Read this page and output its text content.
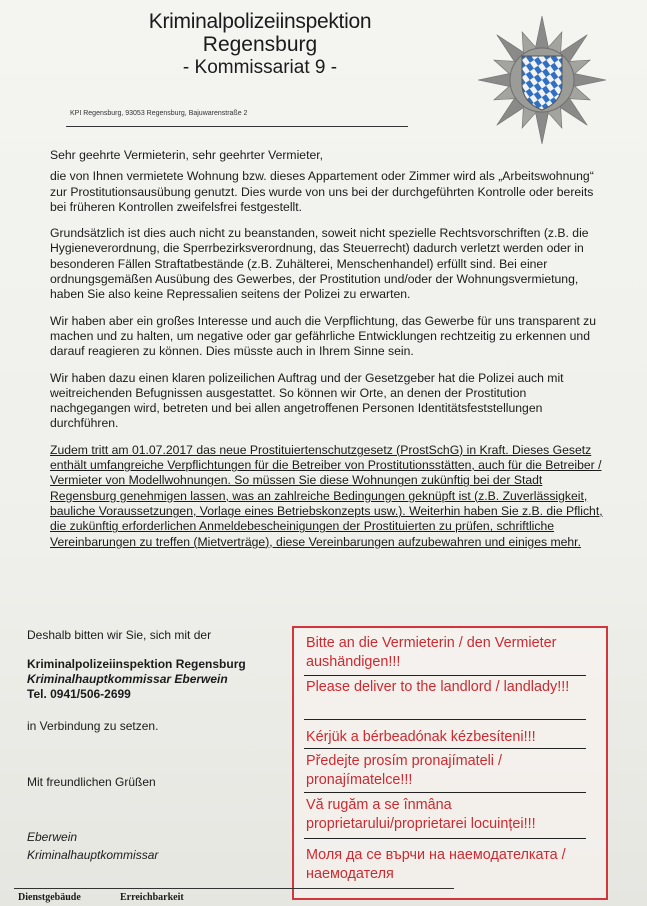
Kriminalpolizeiinspektion
Regensburg
- Kommissariat 9 -
KPI Regensburg, 93053 Regensburg, Bajuwarenstraße 2

Sehr geehrte Vermieterin, sehr geehrter Vermieter,

die von Ihnen vermietete Wohnung bzw. dieses Appartement oder Zimmer wird als „Arbeitswohnung“ zur Prostitutionsausübung genutzt. Dies wurde von uns bei der durchgeführten Kontrolle oder bereits bei früheren Kontrollen zweifelsfrei festgestellt.

Grundsätzlich ist dies auch nicht zu beanstanden, soweit nicht spezielle Rechtsvorschriften (z.B. die Hygieneverordnung, die Sperrbezirksverordnung, das Steuerrecht) dadurch verletzt werden oder in besonderen Fällen Straftatbestände (z.B. Zuhälterei, Menschenhandel) erfüllt sind. Bei einer ordnungsgemäßen Ausübung des Gewerbes, der Prostitution und/oder der Wohnungsvermietung, haben Sie also keine Repressalien seitens der Polizei zu erwarten.

Wir haben aber ein großes Interesse und auch die Verpflichtung, das Gewerbe für uns transparent zu machen und zu halten, um negative oder gar gefährliche Entwicklungen rechtzeitig zu erkennen und darauf reagieren zu können. Dies müsste auch in Ihrem Sinne sein.

Wir haben dazu einen klaren polizeilichen Auftrag und der Gesetzgeber hat die Polizei auch mit weitreichenden Befugnissen ausgestattet. So können wir Orte, an denen der Prostitution nachgegangen wird, betreten und bei allen angetroffenen Personen Identitätsfeststellungen durchführen.

Zudem tritt am 01.07.2017 das neue Prostituiertenschutzgesetz (ProstSchG) in Kraft. Dieses Gesetz enthält umfangreiche Verpflichtungen für die Betreiber von Prostitutionsstätten, auch für die Betreiber / Vermieter von Modellwohnungen. So müssen Sie diese Wohnungen zukünftig bei der Stadt Regensburg genehmigen lassen, was an zahlreiche Bedingungen geknüpft ist (z.B. Zuverlässigkeit, bauliche Voraussetzungen, Vorlage eines Betriebskonzepts usw.). Weiterhin haben Sie z.B. die Pflicht, die zukünftig erforderlichen Anmeldebescheinigungen der Prostituierten zu prüfen, schriftliche Vereinbarungen zu treffen (Mietverträge), diese Vereinbarungen aufzubewahren und einiges mehr.

Deshalb bitten wir Sie, sich mit der
Kriminalpolizeiinspektion Regensburg
Kriminalhauptkommissar Eberwein
Tel. 0941/506-2699
in Verbindung zu setzen.
Mit freundlichen Grüßen
Eberwein
Kriminalhauptkommissar
Bitte an die Vermieterin / den Vermieter aushändigen!!!
Please deliver to the landlord / landlady!!!
Kérjük a bérbeadónak kézbesíteni!!!
Předejte prosím pronajímateli / pronajímatelce!!!
Vă rugăm a se înmâna proprietarului/proprietarei locuinței!!!
Моля да се върчи на наемодателката / наемодателя
Dienstgebäude	Erreichbarkeit
